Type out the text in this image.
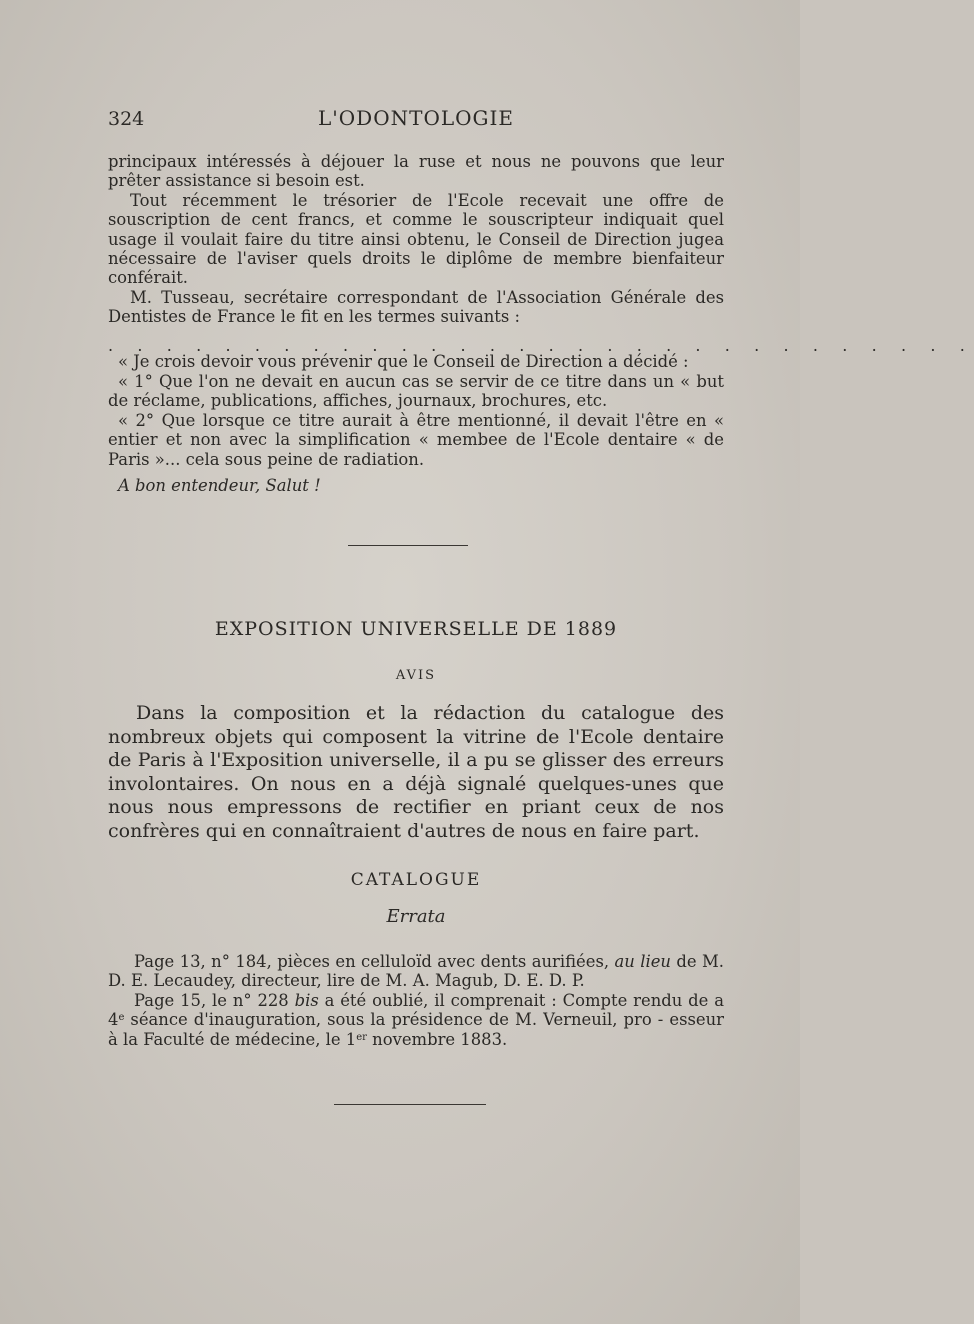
324	L'ODONTOLOGIE

principaux intéressés à déjouer la ruse et nous ne pouvons que leur prêter assistance si besoin est.

Tout récemment le trésorier de l'Ecole recevait une offre de souscription de cent francs, et comme le souscripteur indiquait quel usage il voulait faire du titre ainsi obtenu, le Conseil de Direction jugea nécessaire de l'aviser quels droits le diplôme de membre bienfaiteur conférait.

M. Tusseau, secrétaire correspondant de l'Association Générale des Dentistes de France le fit en les termes suivants :

. . . . . . . . . . . . . . . . . . . . . . . . . . . . . .

« Je crois devoir vous prévenir que le Conseil de Direction a décidé :

« 1° Que l'on ne devait en aucun cas se servir de ce titre dans un « but de réclame, publications, affiches, journaux, brochures, etc.

« 2° Que lorsque ce titre aurait à être mentionné, il devait l'être en « entier et non avec la simplification « membee de l'Ecole dentaire « de Paris »... cela sous peine de radiation.

A bon entendeur, Salut !

EXPOSITION UNIVERSELLE DE 1889
AVIS

Dans la composition et la rédaction du catalogue des nombreux objets qui composent la vitrine de l'Ecole dentaire de Paris à l'Exposition universelle, il a pu se glisser des erreurs involontaires. On nous en a déjà signalé quelques-unes que nous nous empressons de rectifier en priant ceux de nos confrères qui en connaîtraient d'autres de nous en faire part.

CATALOGUE
Errata

Page 13, n° 184, pièces en celluloïd avec dents aurifiées, au lieu de M. D. E. Lecaudey, directeur, lire de M. A. Magub, D. E. D. P.

Page 15, le n° 228 bis a été oublié, il comprenait : Compte rendu de a 4e séance d'inauguration, sous la présidence de M. Verneuil, pro - esseur à la Faculté de médecine, le 1er novembre 1883.
